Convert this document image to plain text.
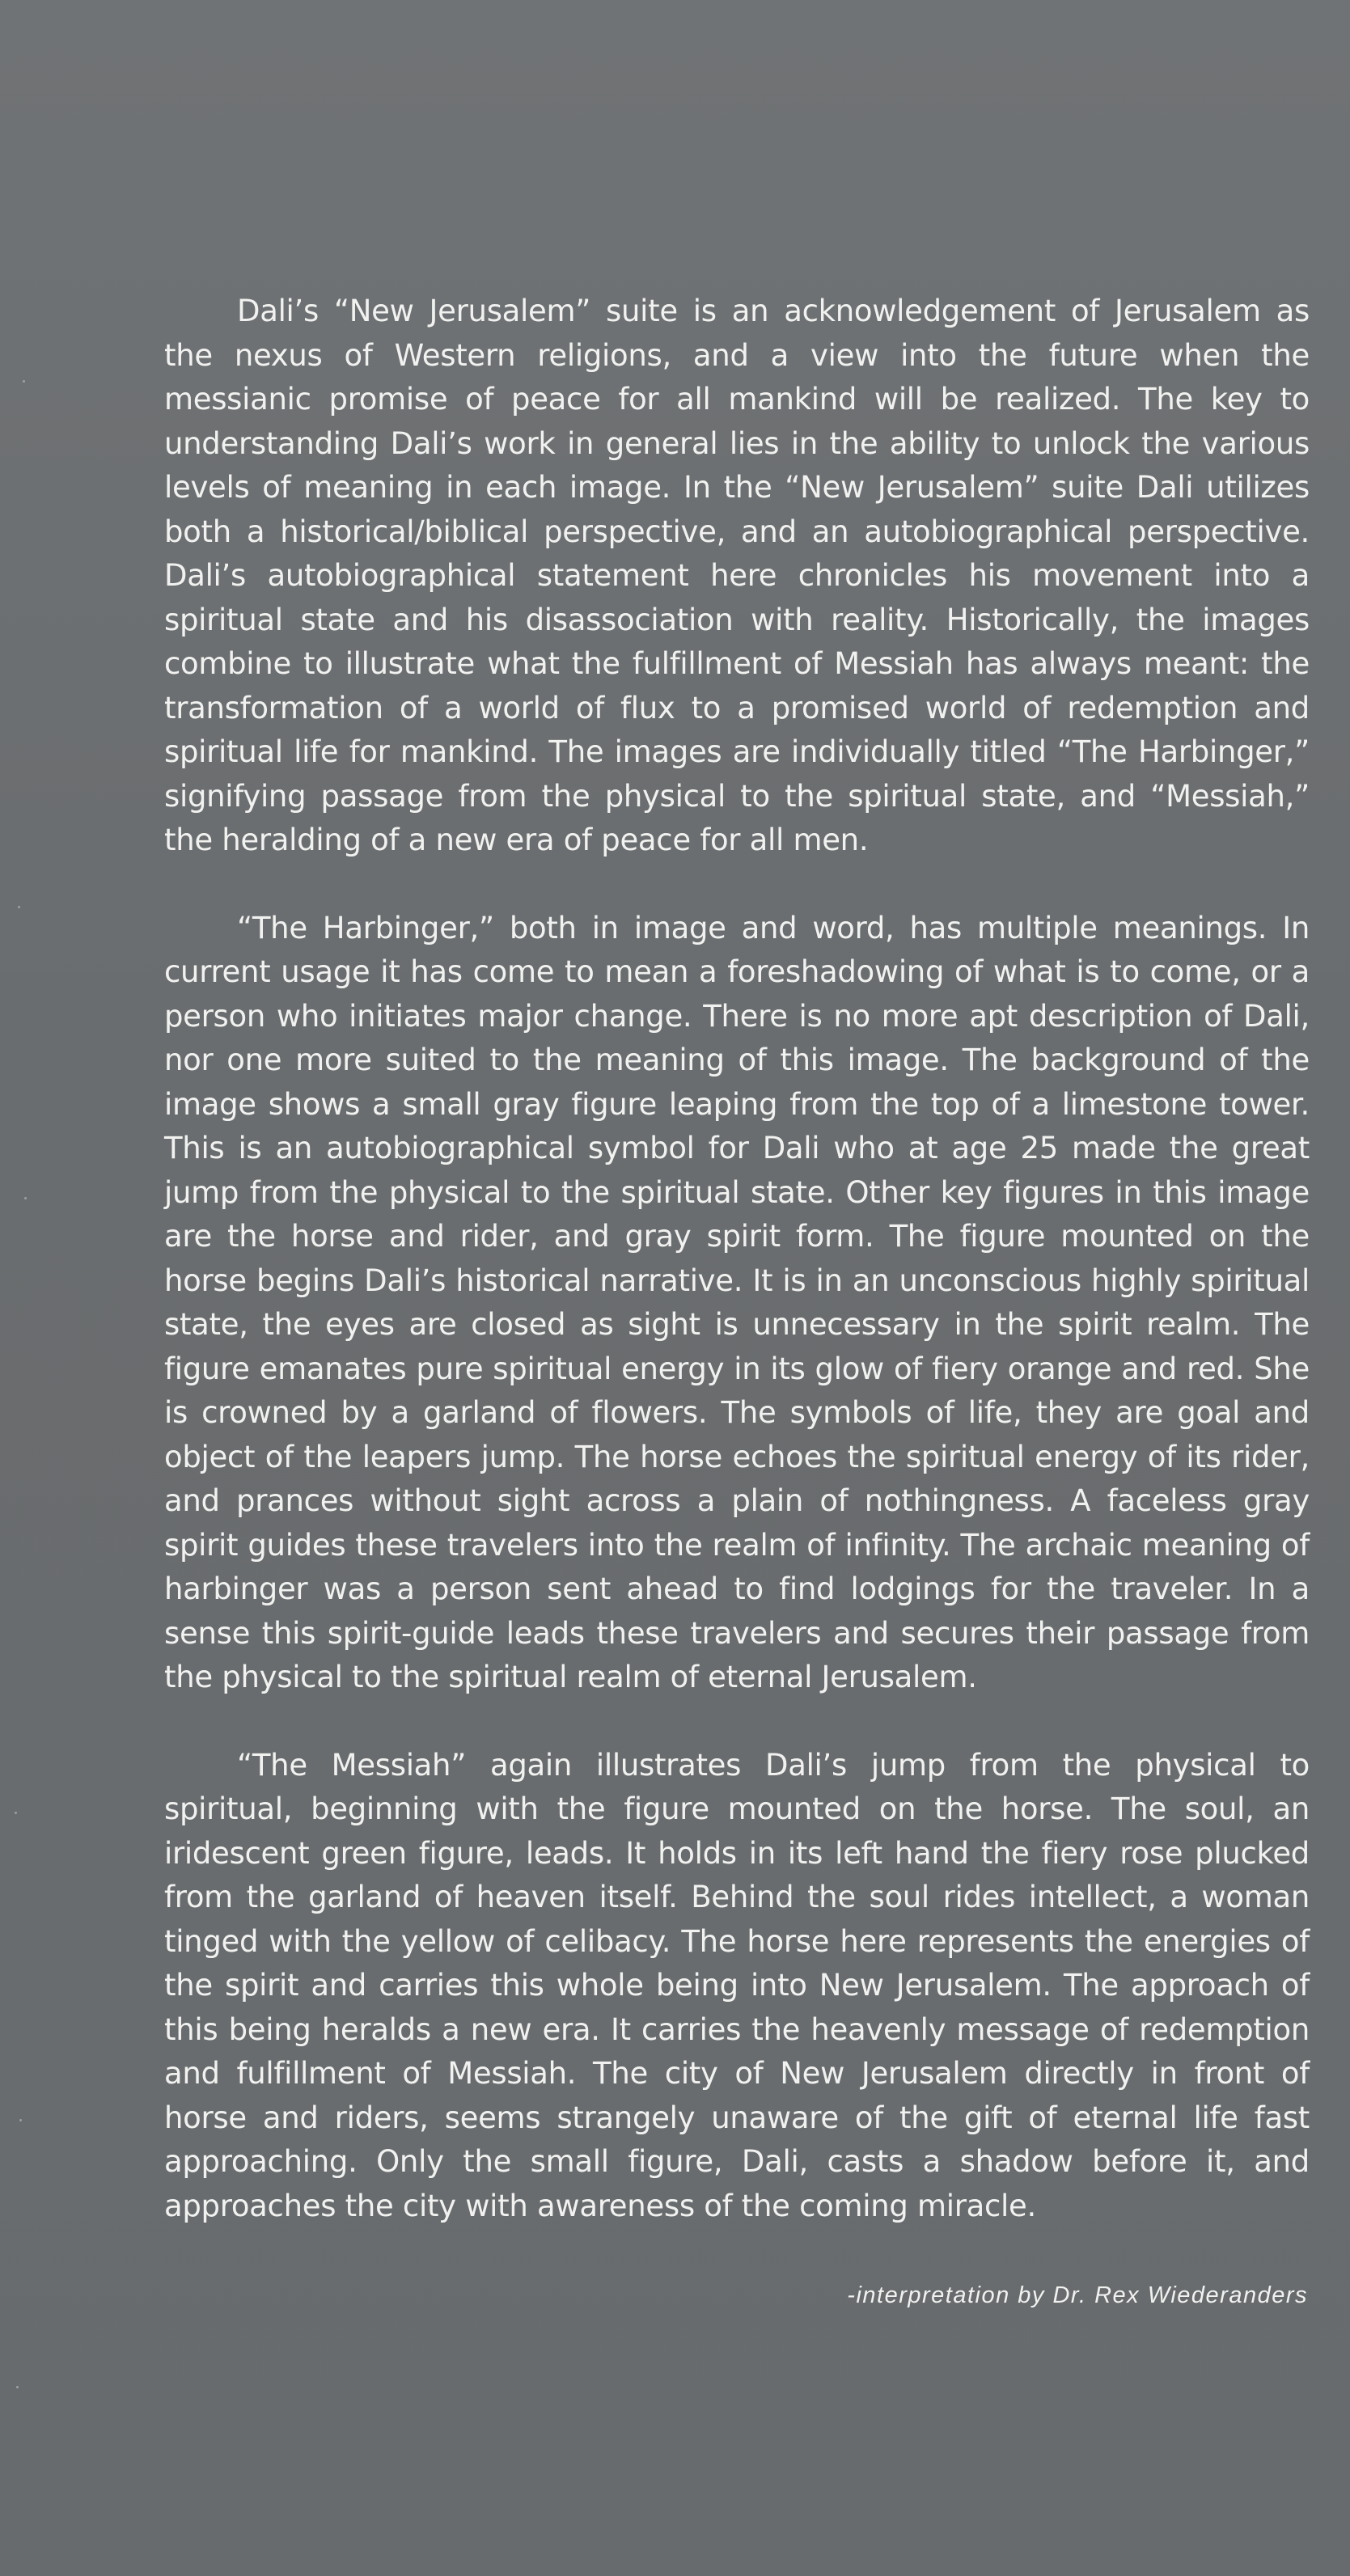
Dali’s “New Jerusalem” suite is an acknowledgement of Jerusalem as the nexus of Western religions, and a view into the future when the messianic promise of peace for all mankind will be realized. The key to understanding Dali’s work in general lies in the ability to unlock the various levels of meaning in each image. In the “New Jerusalem” suite Dali utilizes both a historical/biblical perspective, and an autobiographical perspective. Dali’s autobiographical statement here chronicles his movement into a spiritual state and his disassociation with reality. Historically, the images combine to illustrate what the fulfillment of Messiah has always meant: the transformation of a world of flux to a promised world of redemption and spiritual life for mankind. The images are individually titled “The Harbinger,” signifying passage from the physical to the spiritual state, and “Messiah,” the heralding of a new era of peace for all men.

“The Harbinger,” both in image and word, has multiple meanings. In current usage it has come to mean a foreshadowing of what is to come, or a person who initiates major change. There is no more apt description of Dali, nor one more suited to the meaning of this image. The background of the image shows a small gray figure leaping from the top of a limestone tower. This is an autobiographical symbol for Dali who at age 25 made the great jump from the physical to the spiritual state. Other key figures in this image are the horse and rider, and gray spirit form. The figure mounted on the horse begins Dali’s historical narrative. It is in an unconscious highly spiritual state, the eyes are closed as sight is unnecessary in the spirit realm. The figure emanates pure spiritual energy in its glow of fiery orange and red. She is crowned by a garland of flowers. The symbols of life, they are goal and object of the leapers jump. The horse echoes the spiritual energy of its rider, and prances without sight across a plain of nothingness. A faceless gray spirit guides these travelers into the realm of infinity. The archaic meaning of harbinger was a person sent ahead to find lodgings for the traveler. In a sense this spirit-guide leads these travelers and secures their passage from the physical to the spiritual realm of eternal Jerusalem.

“The Messiah” again illustrates Dali’s jump from the physical to spiritual, beginning with the figure mounted on the horse. The soul, an iridescent green figure, leads. It holds in its left hand the fiery rose plucked from the garland of heaven itself. Behind the soul rides intellect, a woman tinged with the yellow of celibacy. The horse here represents the energies of the spirit and carries this whole being into New Jerusalem. The approach of this being heralds a new era. It carries the heavenly message of redemption and fulfillment of Messiah. The city of New Jerusalem directly in front of horse and riders, seems strangely unaware of the gift of eternal life fast approaching. Only the small figure, Dali, casts a shadow before it, and approaches the city with awareness of the coming miracle.

-interpretation by Dr. Rex Wiederanders
